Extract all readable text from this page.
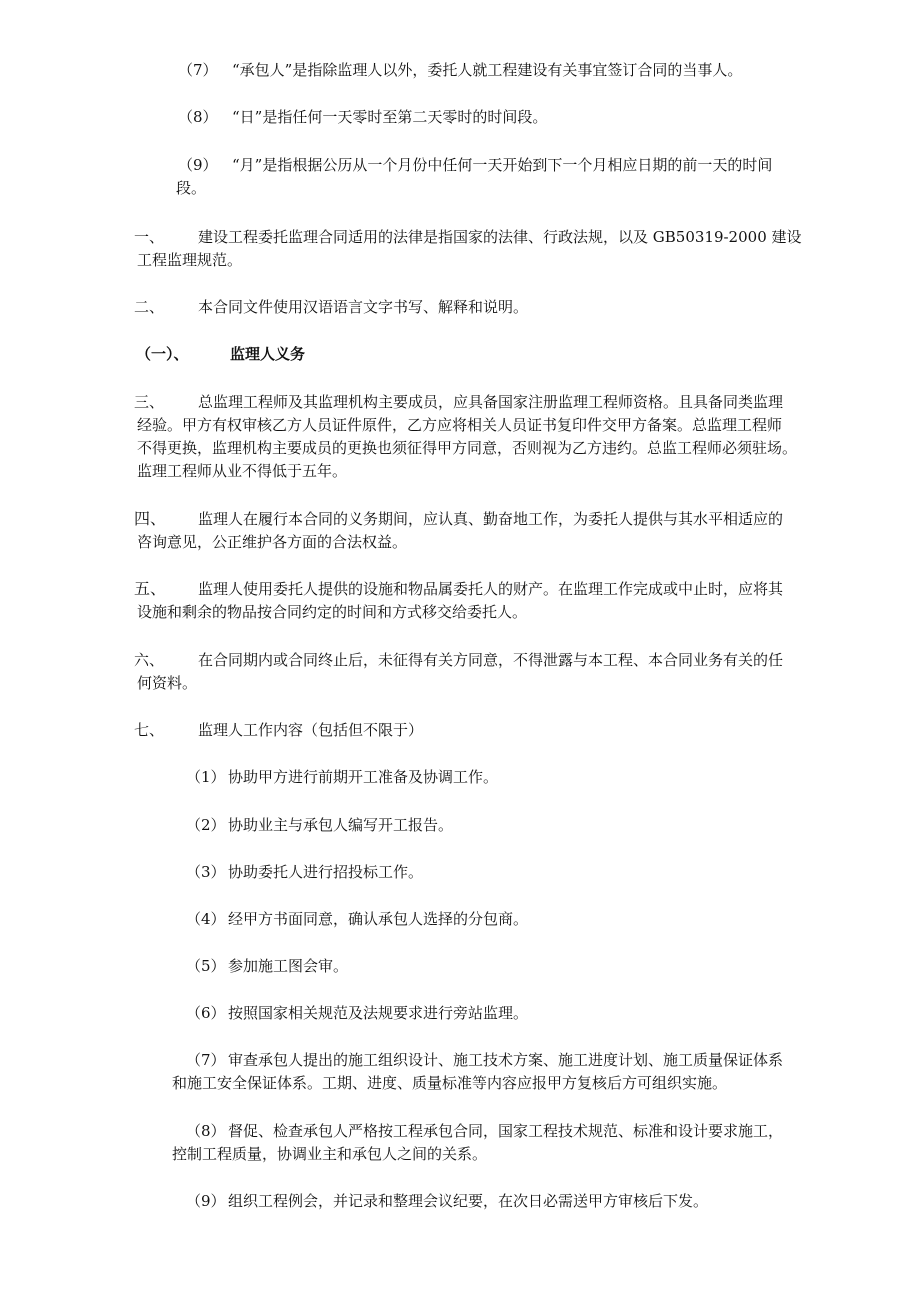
（7） “承包人”是指除监理人以外，委托人就工程建设有关事宜签订合同的当事人。
（8） “日”是指任何一天零时至第二天零时的时间段。
（9） “月”是指根据公历从一个月份中任何一天开始到下一个月相应日期的前一天的时间
段。
一、 建设工程委托监理合同适用的法律是指国家的法律、行政法规，以及 GB50319-2000 建设
工程监理规范。
二、 本合同文件使用汉语语言文字书写、解释和说明。
（一）、	监理人义务
三、 总监理工程师及其监理机构主要成员，应具备国家注册监理工程师资格。且具备同类监理
经验。甲方有权审核乙方人员证件原件，乙方应将相关人员证书复印件交甲方备案。总监理工程师
不得更换，监理机构主要成员的更换也须征得甲方同意，否则视为乙方违约。总监工程师必须驻场。
监理工程师从业不得低于五年。
四、 监理人在履行本合同的义务期间，应认真、勤奋地工作，为委托人提供与其水平相适应的
咨询意见，公正维护各方面的合法权益。
五、 监理人使用委托人提供的设施和物品属委托人的财产。在监理工作完成或中止时，应将其
设施和剩余的物品按合同约定的时间和方式移交给委托人。
六、 在合同期内或合同终止后，未征得有关方同意，不得泄露与本工程、本合同业务有关的任
何资料。
七、 监理人工作内容（包括但不限于）
（1） 协助甲方进行前期开工准备及协调工作。
（2） 协助业主与承包人编写开工报告。
（3） 协助委托人进行招投标工作。
（4） 经甲方书面同意，确认承包人选择的分包商。
（5） 参加施工图会审。
（6） 按照国家相关规范及法规要求进行旁站监理。
（7） 审查承包人提出的施工组织设计、施工技术方案、施工进度计划、施工质量保证体系
和施工安全保证体系。工期、进度、质量标准等内容应报甲方复核后方可组织实施。
（8） 督促、检查承包人严格按工程承包合同，国家工程技术规范、标准和设计要求施工，
控制工程质量，协调业主和承包人之间的关系。
（9） 组织工程例会，并记录和整理会议纪要，在次日必需送甲方审核后下发。
